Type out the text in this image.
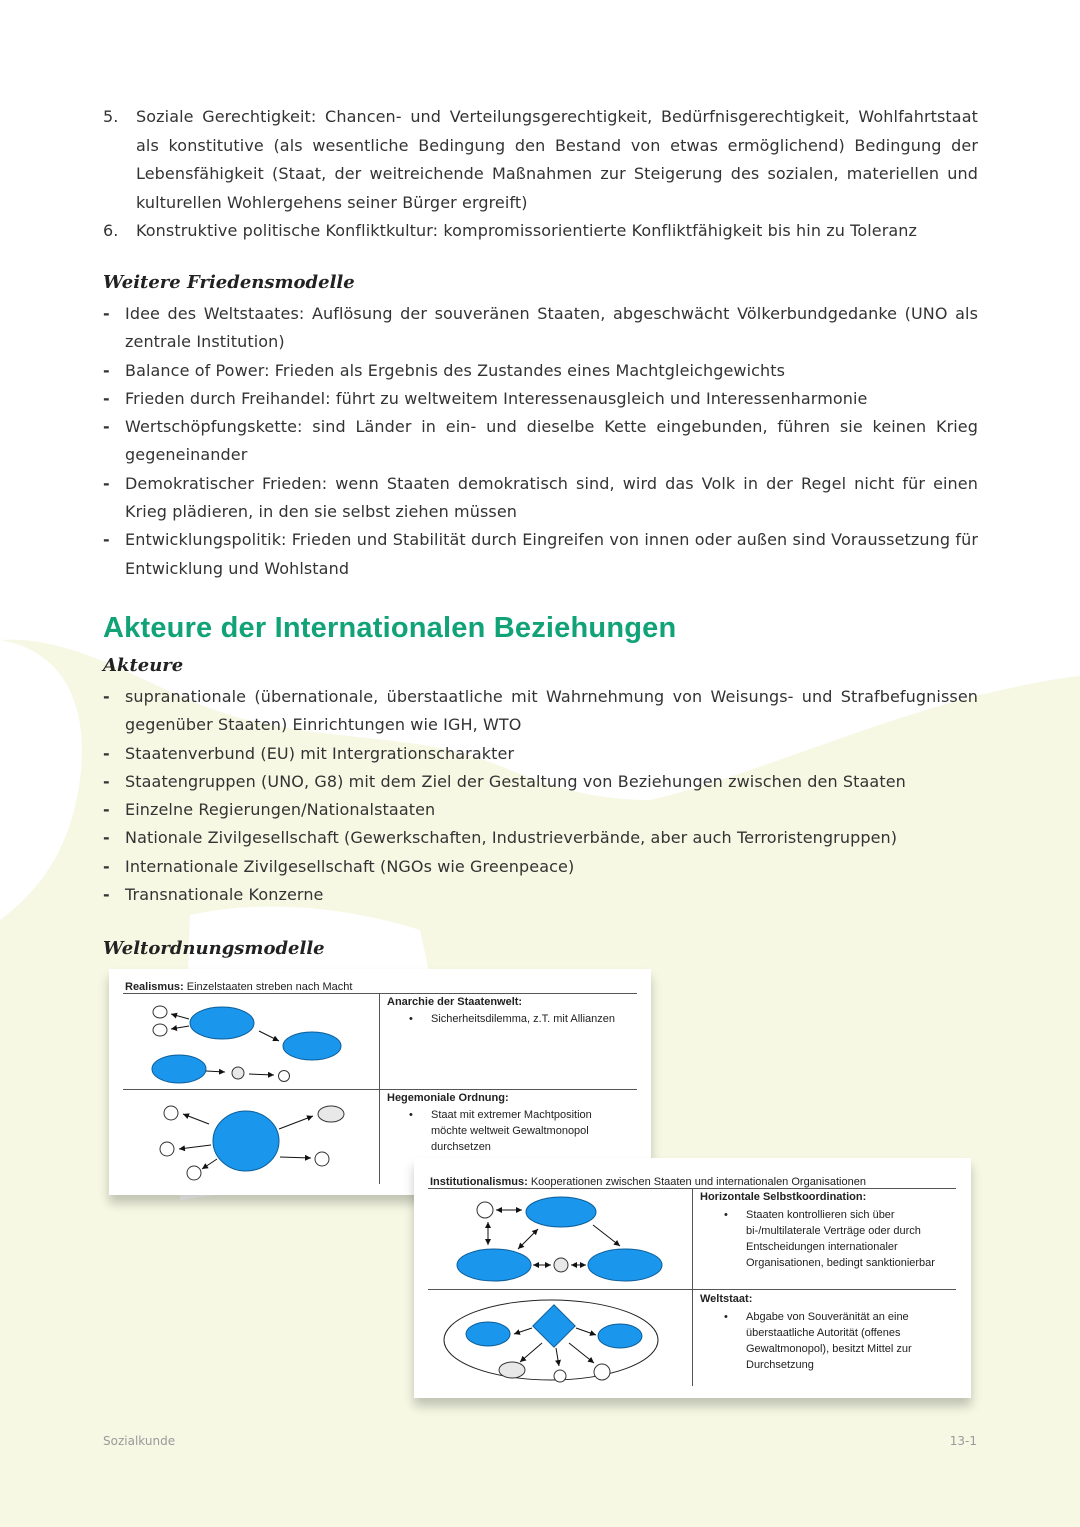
5. Soziale Gerechtigkeit: Chancen- und Verteilungsgerechtigkeit, Bedürfnisgerechtigkeit, Wohlfahrtstaat als konstitutive (als wesentliche Bedingung den Bestand von etwas ermöglichend) Bedingung der Lebensfähigkeit (Staat, der weitreichende Maßnahmen zur Steigerung des sozialen, materiellen und kulturellen Wohlergehens seiner Bürger ergreift)
6. Konstruktive politische Konfliktkultur: kompromissorientierte Konfliktfähigkeit bis hin zu Toleranz
Weitere Friedensmodelle
- Idee des Weltstaates: Auflösung der souveränen Staaten, abgeschwächt Völkerbundgedanke (UNO als zentrale Institution)
- Balance of Power: Frieden als Ergebnis des Zustandes eines Machtgleichgewichts
- Frieden durch Freihandel: führt zu weltweitem Interessenausgleich und Interessenharmonie
- Wertschöpfungskette: sind Länder in ein- und dieselbe Kette eingebunden, führen sie keinen Krieg gegeneinander
- Demokratischer Frieden: wenn Staaten demokratisch sind, wird das Volk in der Regel nicht für einen Krieg plädieren, in den sie selbst ziehen müssen
- Entwicklungspolitik: Frieden und Stabilität durch Eingreifen von innen oder außen sind Voraussetzung für Entwicklung und Wohlstand
Akteure der Internationalen Beziehungen
Akteure
- supranationale (übernationale, überstaatliche mit Wahrnehmung von Weisungs- und Strafbefugnissen gegenüber Staaten) Einrichtungen wie IGH, WTO
- Staatenverbund (EU) mit Intergrationscharakter
- Staatengruppen (UNO, G8) mit dem Ziel der Gestaltung von Beziehungen zwischen den Staaten
- Einzelne Regierungen/Nationalstaaten
- Nationale Zivilgesellschaft (Gewerkschaften, Industrieverbände, aber auch Terroristengruppen)
- Internationale Zivilgesellschaft (NGOs wie Greenpeace)
- Transnationale Konzerne
Weltordnungsmodelle
Realismus: Einzelstaaten streben nach Macht
Anarchie der Staatenwelt:
•	Sicherheitsdilemma, z.T. mit Allianzen
Hegemoniale Ordnung:
•	Staat mit extremer Machtposition möchte weltweit Gewaltmonopol durchsetzen
Institutionalismus: Kooperationen zwischen Staaten und internationalen Organisationen
Horizontale Selbstkoordination:
•	Staaten kontrollieren sich über bi-/multilaterale Verträge oder durch Entscheidungen internationaler Organisationen, bedingt sanktionierbar
Weltstaat:
•	Abgabe von Souveränität an eine überstaatliche Autorität (offenes Gewaltmonopol), besitzt Mittel zur Durchsetzung
Sozialkunde	13-1
